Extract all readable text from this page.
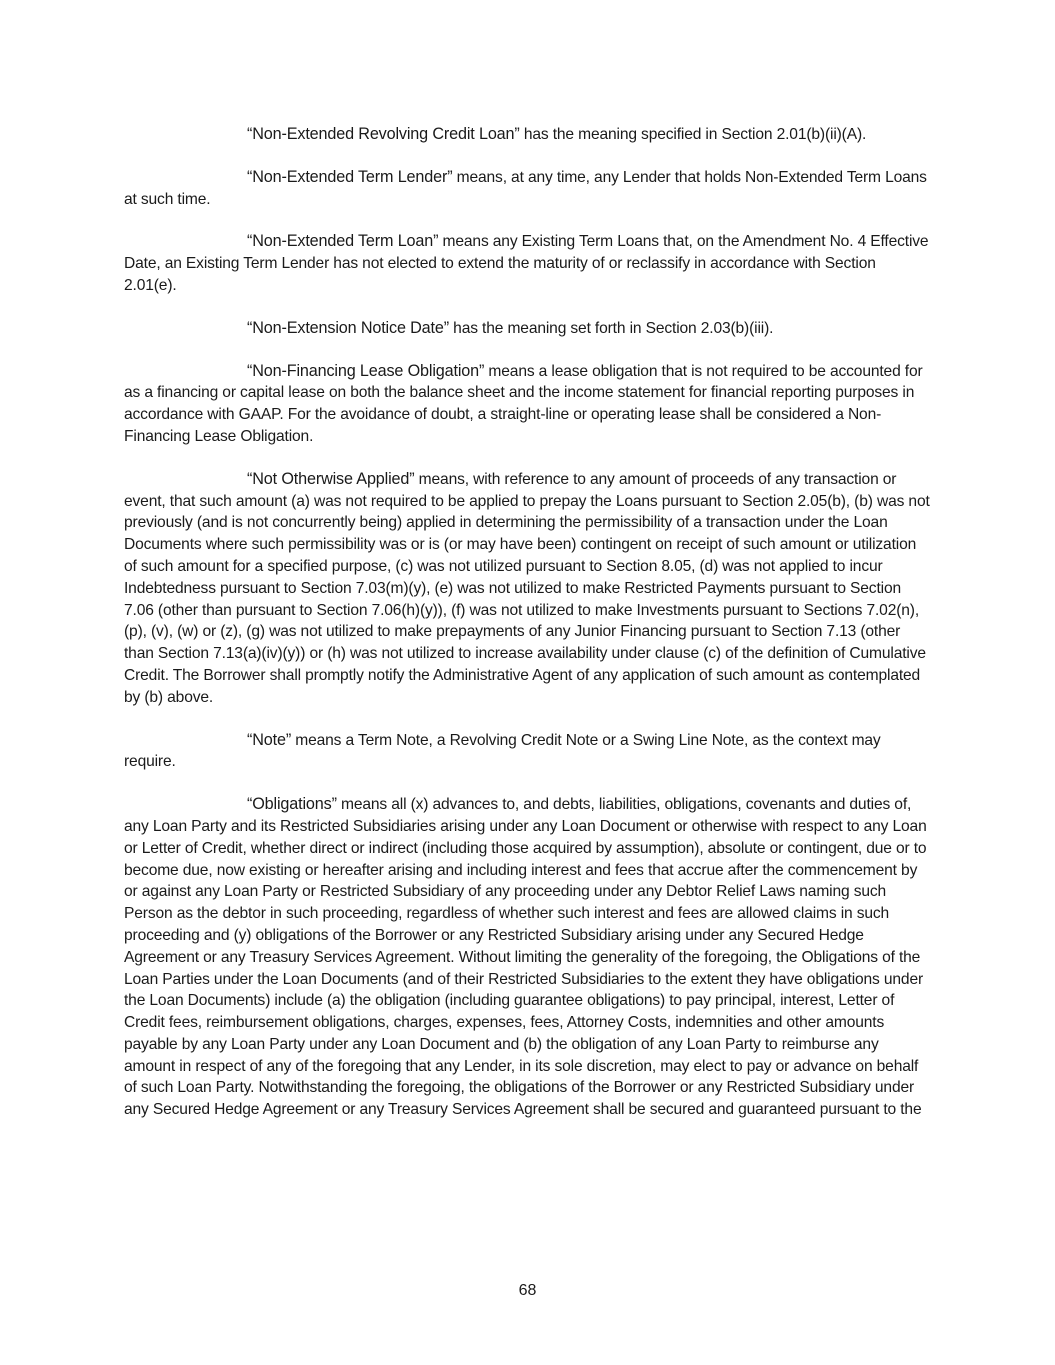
“Non-Extended Revolving Credit Loan” has the meaning specified in Section 2.01(b)(ii)(A).

“Non-Extended Term Lender” means, at any time, any Lender that holds Non-Extended Term Loans at such time.

“Non-Extended Term Loan” means any Existing Term Loans that, on the Amendment No. 4 Effective Date, an Existing Term Lender has not elected to extend the maturity of or reclassify in accordance with Section 2.01(e).

“Non-Extension Notice Date” has the meaning set forth in Section 2.03(b)(iii).

“Non-Financing Lease Obligation” means a lease obligation that is not required to be accounted for as a financing or capital lease on both the balance sheet and the income statement for financial reporting purposes in accordance with GAAP. For the avoidance of doubt, a straight-line or operating lease shall be considered a Non-Financing Lease Obligation.

“Not Otherwise Applied” means, with reference to any amount of proceeds of any transaction or event, that such amount (a) was not required to be applied to prepay the Loans pursuant to Section 2.05(b), (b) was not previously (and is not concurrently being) applied in determining the permissibility of a transaction under the Loan Documents where such permissibility was or is (or may have been) contingent on receipt of such amount or utilization of such amount for a specified purpose, (c) was not utilized pursuant to Section 8.05, (d) was not applied to incur Indebtedness pursuant to Section 7.03(m)(y), (e) was not utilized to make Restricted Payments pursuant to Section 7.06 (other than pursuant to Section 7.06(h)(y)), (f) was not utilized to make Investments pursuant to Sections 7.02(n), (p), (v), (w) or (z), (g) was not utilized to make prepayments of any Junior Financing pursuant to Section 7.13 (other than Section 7.13(a)(iv)(y)) or (h) was not utilized to increase availability under clause (c) of the definition of Cumulative Credit. The Borrower shall promptly notify the Administrative Agent of any application of such amount as contemplated by (b) above.

“Note” means a Term Note, a Revolving Credit Note or a Swing Line Note, as the context may require.

“Obligations” means all (x) advances to, and debts, liabilities, obligations, covenants and duties of, any Loan Party and its Restricted Subsidiaries arising under any Loan Document or otherwise with respect to any Loan or Letter of Credit, whether direct or indirect (including those acquired by assumption), absolute or contingent, due or to become due, now existing or hereafter arising and including interest and fees that accrue after the commencement by or against any Loan Party or Restricted Subsidiary of any proceeding under any Debtor Relief Laws naming such Person as the debtor in such proceeding, regardless of whether such interest and fees are allowed claims in such proceeding and (y) obligations of the Borrower or any Restricted Subsidiary arising under any Secured Hedge Agreement or any Treasury Services Agreement. Without limiting the generality of the foregoing, the Obligations of the Loan Parties under the Loan Documents (and of their Restricted Subsidiaries to the extent they have obligations under the Loan Documents) include (a) the obligation (including guarantee obligations) to pay principal, interest, Letter of Credit fees, reimbursement obligations, charges, expenses, fees, Attorney Costs, indemnities and other amounts payable by any Loan Party under any Loan Document and (b) the obligation of any Loan Party to reimburse any amount in respect of any of the foregoing that any Lender, in its sole discretion, may elect to pay or advance on behalf of such Loan Party. Notwithstanding the foregoing, the obligations of the Borrower or any Restricted Subsidiary under any Secured Hedge Agreement or any Treasury Services Agreement shall be secured and guaranteed pursuant to the

68
